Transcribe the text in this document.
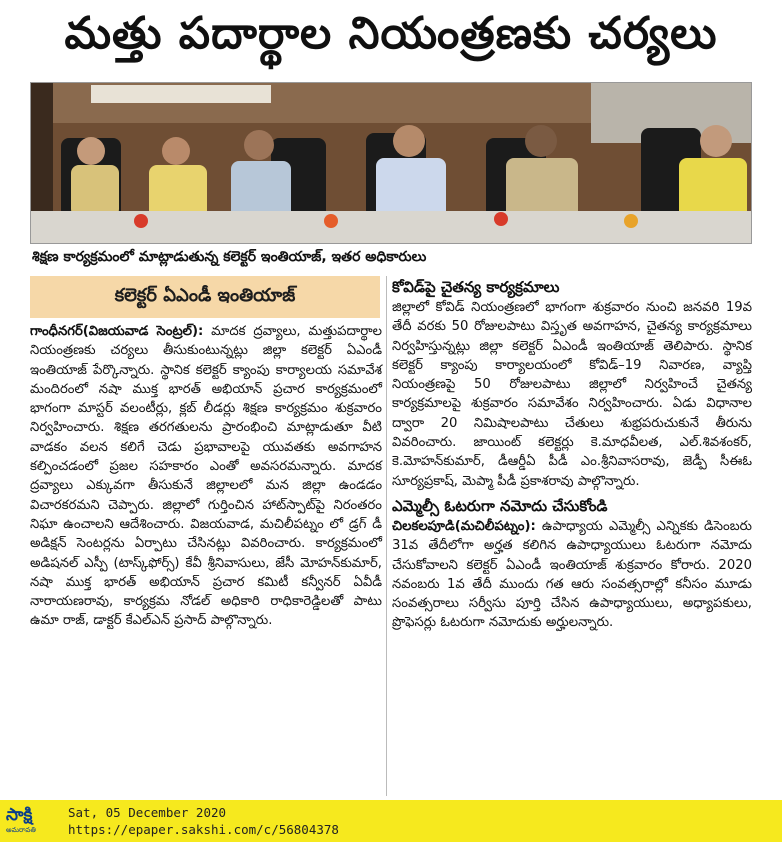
మత్తు పదార్థాల నియంత్రణకు చర్యలు
శిక్షణ కార్యక్రమంలో మాట్లాడుతున్న కలెక్టర్ ఇంతియాజ్, ఇతర అధికారులు
కలెక్టర్ ఏఎండీ ఇంతియాజ్

గాంధీనగర్(విజయవాడ సెంట్రల్): మాదక ద్రవ్యాలు, మత్తుపదార్థాల నియంత్రణకు చర్యలు తీసుకుంటున్నట్లు జిల్లా కలెక్టర్ ఏఎండీ ఇంతియాజ్ పేర్కొన్నారు. స్థానిక కలెక్టర్ క్యాంపు కార్యాలయ సమావేశ మందిరంలో నషా ముక్త భారత్ అభియాన్ ప్రచార కార్యక్రమంలో భాగంగా మాస్టర్ వలంటీర్లు, క్లబ్ లీడర్లు శిక్షణ కార్యక్రమం శుక్రవారం నిర్వహించారు. శిక్షణ తరగతులను ప్రారంభించి మాట్లాడుతూ వీటి వాడకం వలన కలిగే చెడు ప్రభావాలపై యువతకు అవగాహన కల్పించడంలో ప్రజల సహకారం ఎంతో అవసరమన్నారు. మాదక ద్రవ్యాలు ఎక్కువగా తీసుకునే జిల్లాలలో మన జిల్లా ఉండడం విచారకరమని చెప్పారు. జిల్లాలో గుర్తించిన హాట్‌స్పాట్‌పై నిరంతరం నిఘా ఉంచాలని ఆదేశించారు. విజయవాడ, మచిలీపట్నం లో డ్రగ్ డీ అడిక్షన్ సెంటర్లను ఏర్పాటు చేసినట్లు వివరించారు. కార్యక్రమంలో అడిషనల్ ఎస్పీ (టాస్క్‌ఫోర్స్) కేవీ శ్రీనివాసులు, జేసీ మోహన్‌కుమార్, నషా ముక్త భారత్ అభియాన్ ప్రచార కమిటీ కన్వీనర్ ఏవీడీ నారాయణరావు, కార్యక్రమ నోడల్ అధికారి రాధికారెడ్డిలతో పాటు ఉమా రాజ్, డాక్టర్ కేఎల్ఎన్ ప్రసాద్ పాల్గొన్నారు.

కోవిడ్‌పై చైతన్య కార్యక్రమాలు

జిల్లాలో కోవిడ్ నియంత్రణలో భాగంగా శుక్రవారం నుంచి జనవరి 19వ తేదీ వరకు 50 రోజులపాటు విస్తృత అవగాహన, చైతన్య కార్యక్రమాలు నిర్వహిస్తున్నట్లు జిల్లా కలెక్టర్ ఏఎండీ ఇంతియాజ్ తెలిపారు. స్థానిక కలెక్టర్ క్యాంపు కార్యాలయంలో కోవిడ్–19 నివారణ, వ్యాప్తి నియంత్రణపై 50 రోజులపాటు జిల్లాలో నిర్వహించే చైతన్య కార్యక్రమాలపై శుక్రవారం సమావేశం నిర్వహించారు. ఏడు విధానాల ద్వారా 20 నిమిషాలపాటు చేతులు శుభ్రపరుచుకునే తీరును వివరించారు. జాయింట్ కలెక్టర్లు కె.మాధవీలత, ఎల్.శివశంకర్, కె.మోహన్‌కుమార్, డీఆర్డీఏ పీడీ ఎం.శ్రీనివాసరావు, జెడ్పీ సీఈఓ సూర్యప్రకాష్, మెప్మా పీడీ ప్రకాశరావు పాల్గొన్నారు.

ఎమ్మెల్సీ ఓటరుగా నమోదు చేసుకోండి

చిలకలపూడి(మచిలీపట్నం): ఉపాధ్యాయ ఎమ్మెల్సీ ఎన్నికకు డిసెంబరు 31వ తేదీలోగా అర్హత కలిగిన ఉపాధ్యాయులు ఓటరుగా నమోదు చేసుకోవాలని కలెక్టర్ ఏఎండీ ఇంతియాజ్ శుక్రవారం కోరారు. 2020 నవంబరు 1వ తేదీ ముందు గత ఆరు సంవత్సరాల్లో కనీసం మూడు సంవత్సరాలు సర్వీసు పూర్తి చేసిన ఉపాధ్యాయులు, అధ్యాపకులు, ప్రొఫెసర్లు ఓటరుగా నమోదుకు అర్హులన్నారు.

సాక్షి
అమరావతి
Sat, 05 December 2020
https://epaper.sakshi.com/c/56804378
